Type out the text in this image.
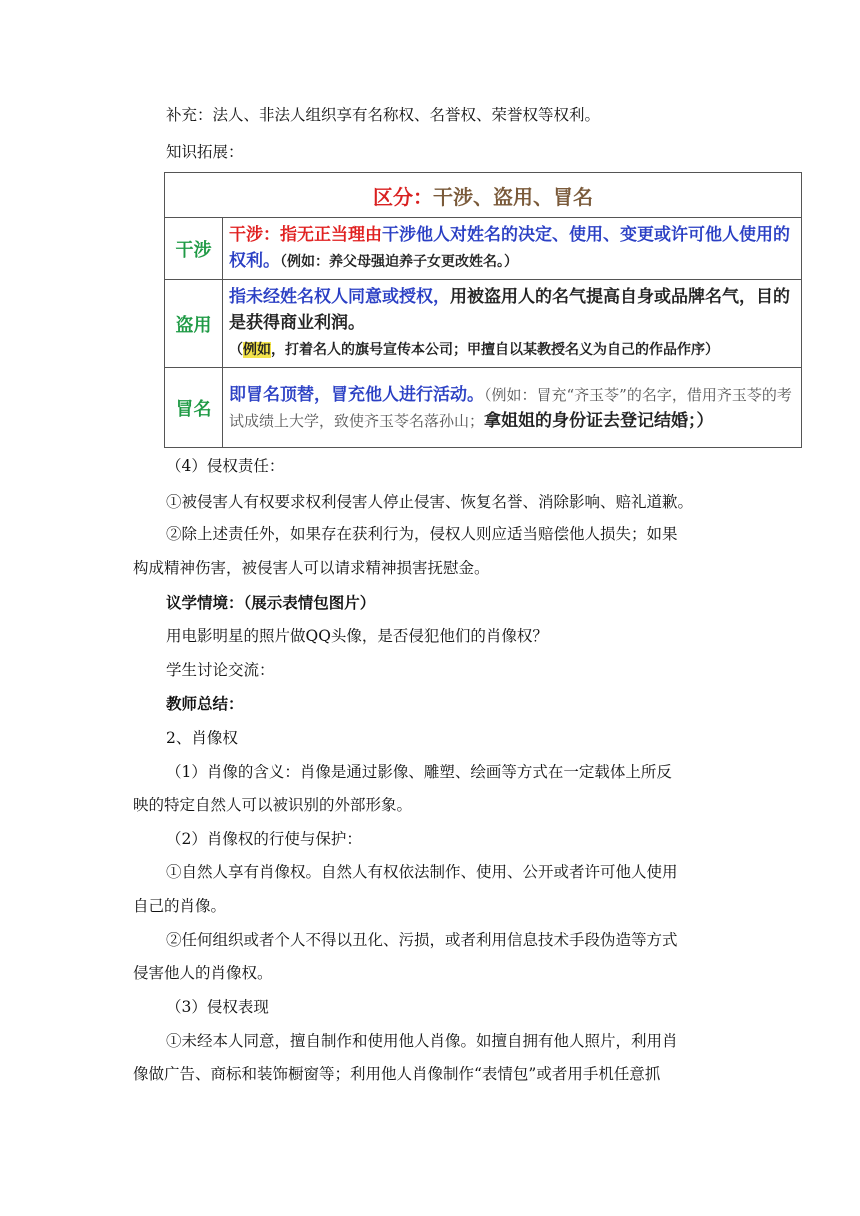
补充：法人、非法人组织享有名称权、名誉权、荣誉权等权利。
知识拓展：
区分：干涉、盗用、冒名	
干涉	干涉：指无正当理由干涉他人对姓名的决定、使用、变更或许可他人使用的权利。（例如：养父母强迫养子女更改姓名。）
盗用	指未经姓名权人同意或授权，用被盗用人的名气提高自身或品牌名气，目的是获得商业利润。
（例如，打着名人的旗号宣传本公司；甲擅自以某教授名义为自己的作品作序）
冒名	即冒名顶替，冒充他人进行活动。（例如：冒充“齐玉苓”的名字，借用齐玉苓的考试成绩上大学，致使齐玉苓名落孙山；拿姐姐的身份证去登记结婚；）
（4）侵权责任：
①被侵害人有权要求权利侵害人停止侵害、恢复名誉、消除影响、赔礼道歉。
②除上述责任外，如果存在获利行为，侵权人则应适当赔偿他人损失；如果
构成精神伤害，被侵害人可以请求精神损害抚慰金。
议学情境：（展示表情包图片）
用电影明星的照片做QQ头像，是否侵犯他们的肖像权？
学生讨论交流：
教师总结：
2、肖像权
（1）肖像的含义：肖像是通过影像、雕塑、绘画等方式在一定载体上所反
映的特定自然人可以被识别的外部形象。
（2）肖像权的行使与保护：
①自然人享有肖像权。自然人有权依法制作、使用、公开或者许可他人使用
自己的肖像。
②任何组织或者个人不得以丑化、污损，或者利用信息技术手段伪造等方式
侵害他人的肖像权。
（3）侵权表现
①未经本人同意，擅自制作和使用他人肖像。如擅自拥有他人照片，利用肖
像做广告、商标和装饰橱窗等；利用他人肖像制作“表情包”或者用手机任意抓
